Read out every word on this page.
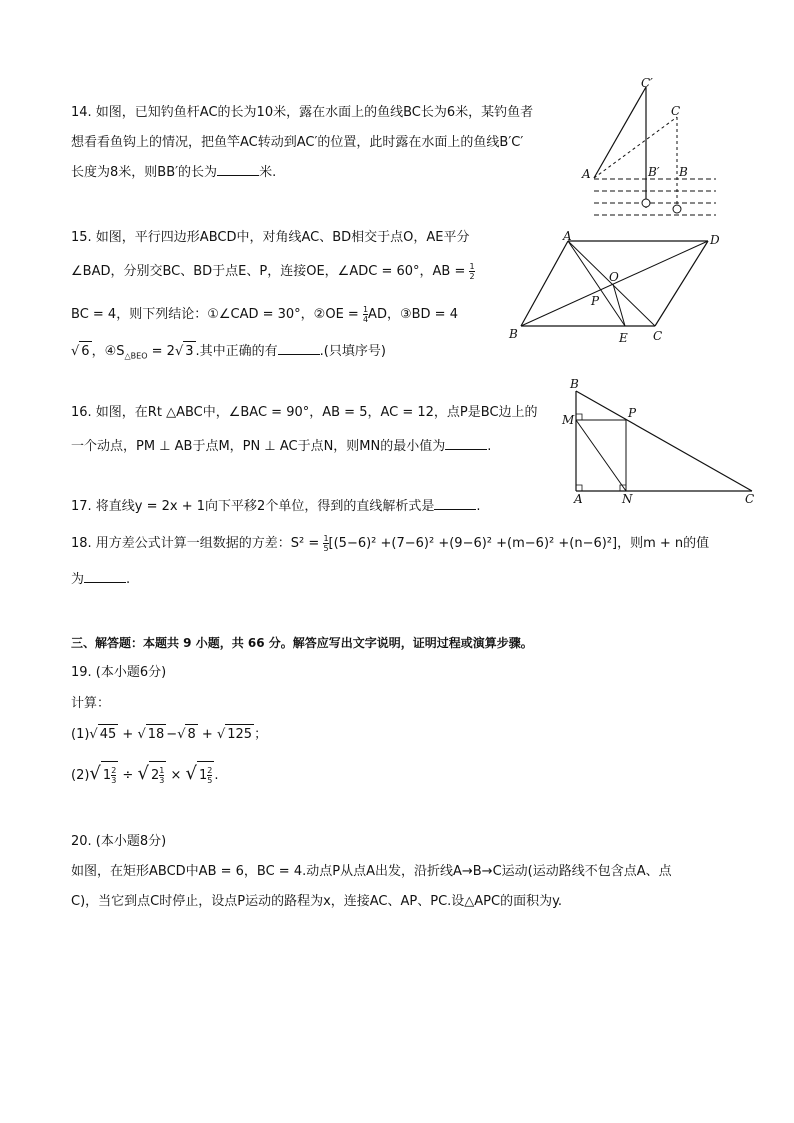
14. 如图，已知钓鱼杆AC的长为10米，露在水面上的鱼线BC长为6米，某钓鱼者
想看看鱼钩上的情况，把鱼竿AC转动到AC′的位置，此时露在水面上的鱼线B′C′
长度为8米，则BB′的长为	米.
C′
C
A	B′ B
15. 如图，平行四边形ABCD中，对角线AC、BD相交于点O，AE平分
∠BAD，分别交BC、BD于点E、P，连接OE，∠ADC = 60°，AB = $\frac{1}{2}$
BC = 4，则下列结论：①∠CAD = 30°，②OE = $\frac{1}{4}$ AD，③BD = 4
√ 6 ，$④S_{\triangle BEO} = 2√$ 3 .其中正确的有	.(只填序号)
A	D
O
P
B	E C
16. 如图，在Rt △ABC中，∠BAC = 90°，AB = 5，AC = 12，点P是BC边上的
一个动点，PM ⊥ AB于点M，PN ⊥ AC于点N，则MN的最小值为	.
B
M	P
A	N	C
17. 将直线y = 2x + 1向下平移2个单位，得到的直线解析式是	.
18. 用方差公式计算一组数据的方差：$S^2 = \frac{1}{5} [(5-6)^2 +(7-6)^2 +(9-6)^2 +(m-6)^2 +(n-6)^2]$，则m + n的值
为	.
三、解答题：本题共 9 小题，共 66 分。解答应写出文字说明，证明过程或演算步骤。
19. (本小题6分)
计算：
(1)√ 45 + √ 18 −√ 8 + √ 125 ；
(2)√ $1 \frac{2}{3}$ ÷ √ $2 \frac{1}{3}$ × √ $1 \frac{2}{5}$ .
20. (本小题8分)
如图，在矩形ABCD中AB = 6，BC = 4.动点P从点A出发，沿折线A→B→C运动(运动路线不包含点A、点
C)，当它到点C时停止，设点P运动的路程为x，连接AC、AP、PC.设△APC的面积为y.
